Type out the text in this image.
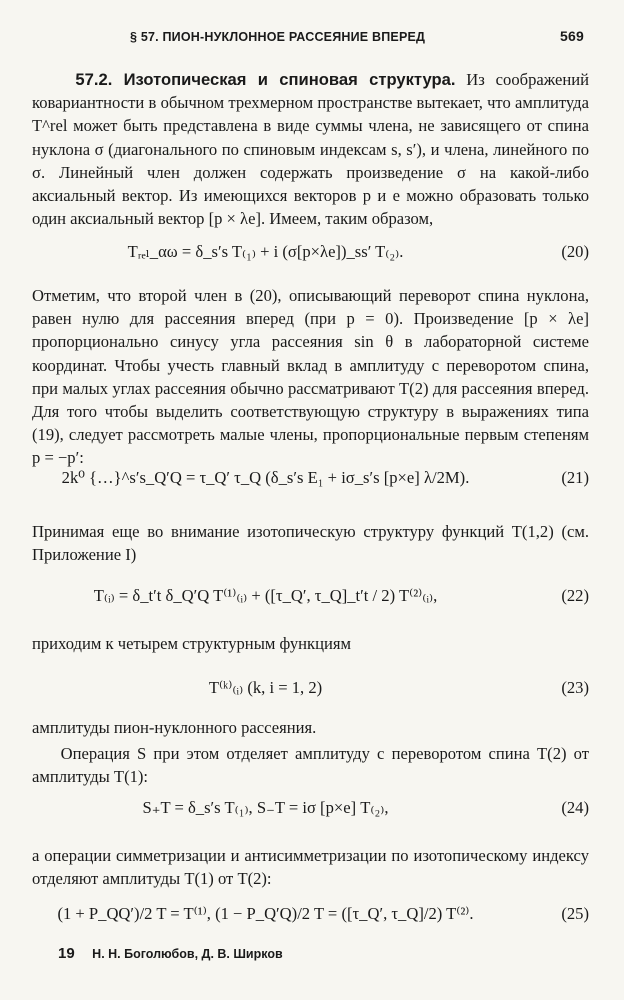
§ 57. ПИОН-НУКЛОННОЕ РАССЕЯНИЕ ВПЕРЕД	569
57.2. Изотопическая и спиновая структура. Из соображений ковариантности в обычном трехмерном пространстве вытекает, что амплитуда T^rel может быть представлена в виде суммы члена, не зависящего от спина нуклона σ (диагонального по спиновым индексам s, s′), и члена, линейного по σ. Линейный член должен содержать произведение σ на какой-либо аксиальный вектор. Из имеющихся векторов p и e можно образовать только один аксиальный вектор [p × λe]. Имеем, таким образом,
Tᵣₑₗ_αω = δ_s′s T₍₁₎ + i (σ[p×λe])_ss′ T₍₂₎.	(20)
Отметим, что второй член в (20), описывающий переворот спина нуклона, равен нулю для рассеяния вперед (при p = 0). Произведение [p × λe] пропорционально синусу угла рассеяния sin θ в лабораторной системе координат. Чтобы учесть главный вклад в амплитуду с переворотом спина, при малых углах рассеяния обычно рассматривают T(2) для рассеяния вперед. Для того чтобы выделить соответствующую структуру в выражениях типа (19), следует рассмотреть малые члены, пропорциональные первым степеням p = −p′:
2k⁰ {…}^s′s_Q′Q = τ_Q′ τ_Q (δ_s′s E₁ + iσ_s′s [p×e] λ/2M).	(21)
Принимая еще во внимание изотопическую структуру функций T(1,2) (см. Приложение I)
T₍ᵢ₎ = δ_t′t δ_Q′Q T⁽¹⁾₍ᵢ₎ + ([τ_Q′, τ_Q]_t′t / 2) T⁽²⁾₍ᵢ₎,	(22)
приходим к четырем структурным функциям
T⁽ᵏ⁾₍ᵢ₎ (k, i = 1, 2)	(23)
амплитуды пион-нуклонного рассеяния.
Операция S при этом отделяет амплитуду с переворотом спина T(2) от амплитуды T(1):
S₊T = δ_s′s T₍₁₎, S₋T = iσ [p×e] T₍₂₎,	(24)
а операции симметризации и антисимметризации по изотопическому индексу отделяют амплитуды T(1) от T(2):
(1 + P_QQ′)/2 T = T⁽¹⁾, (1 − P_Q′Q)/2 T = ([τ_Q′, τ_Q]/2) T⁽²⁾.	(25)
19 Н. Н. Боголюбов, Д. В. Ширков
